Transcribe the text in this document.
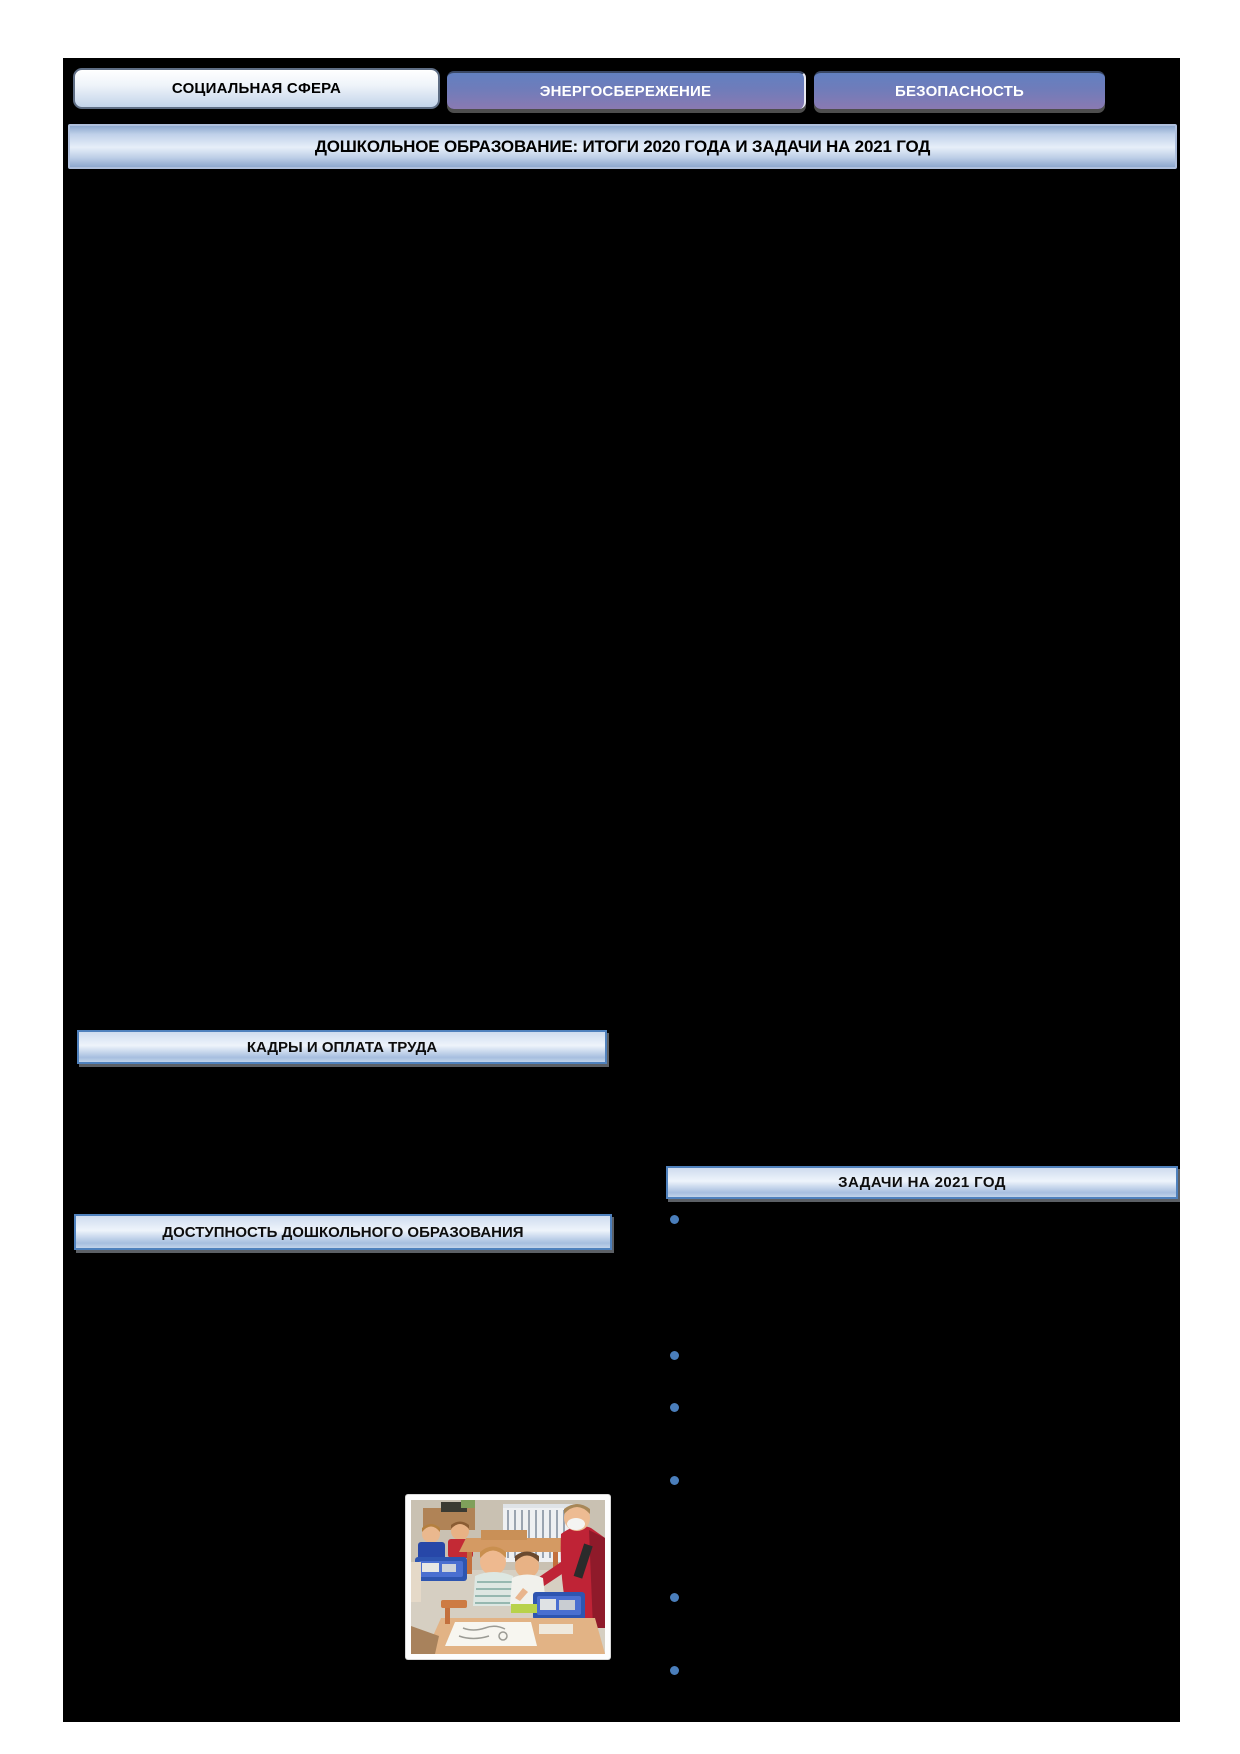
СОЦИАЛЬНАЯ СФЕРА	ЭНЕРГОСБЕРЕЖЕНИЕ	БЕЗОПАСНОСТЬ
ДОШКОЛЬНОЕ ОБРАЗОВАНИЕ: ИТОГИ 2020 ГОДА И ЗАДАЧИ НА 2021 ГОД
КАДРЫ И ОПЛАТА ТРУДА
ДОСТУПНОСТЬ ДОШКОЛЬНОГО ОБРАЗОВАНИЯ
ЗАДАЧИ НА 2021 ГОД
